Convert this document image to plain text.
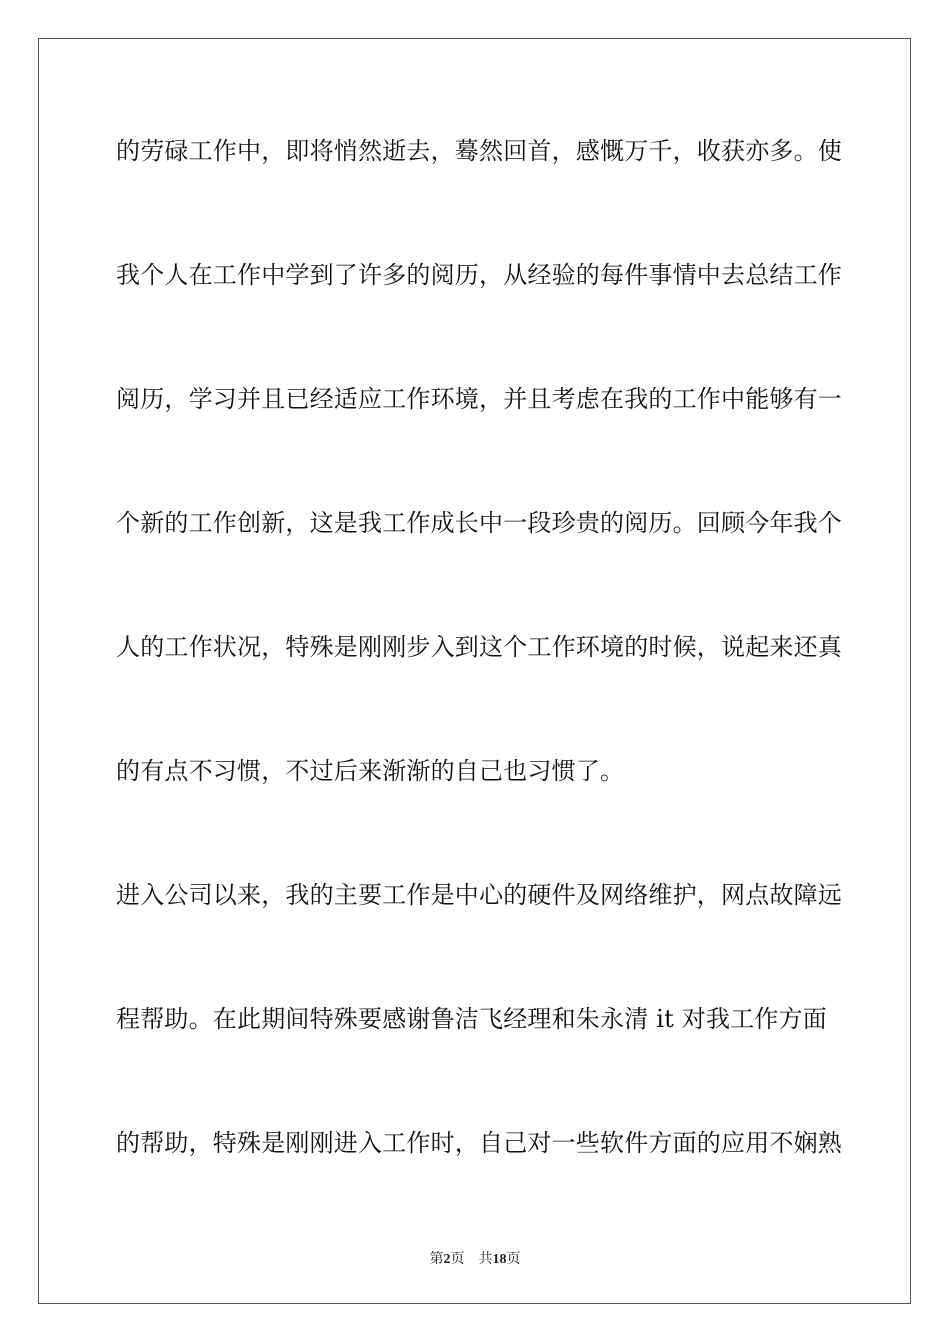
的劳碌工作中，即将悄然逝去，蓦然回首，感慨万千，收获亦多。使
我个人在工作中学到了许多的阅历，从经验的每件事情中去总结工作
阅历，学习并且已经适应工作环境，并且考虑在我的工作中能够有一
个新的工作创新，这是我工作成长中一段珍贵的阅历。回顾今年我个
人的工作状况，特殊是刚刚步入到这个工作环境的时候，说起来还真
的有点不习惯，不过后来渐渐的自己也习惯了。
进入公司以来，我的主要工作是中心的硬件及网络维护，网点故障远
程帮助。在此期间特殊要感谢鲁洁飞经理和朱永清 it 对我工作方面
的帮助，特殊是刚刚进入工作时，自己对一些软件方面的应用不娴熟
第2页 共18页
